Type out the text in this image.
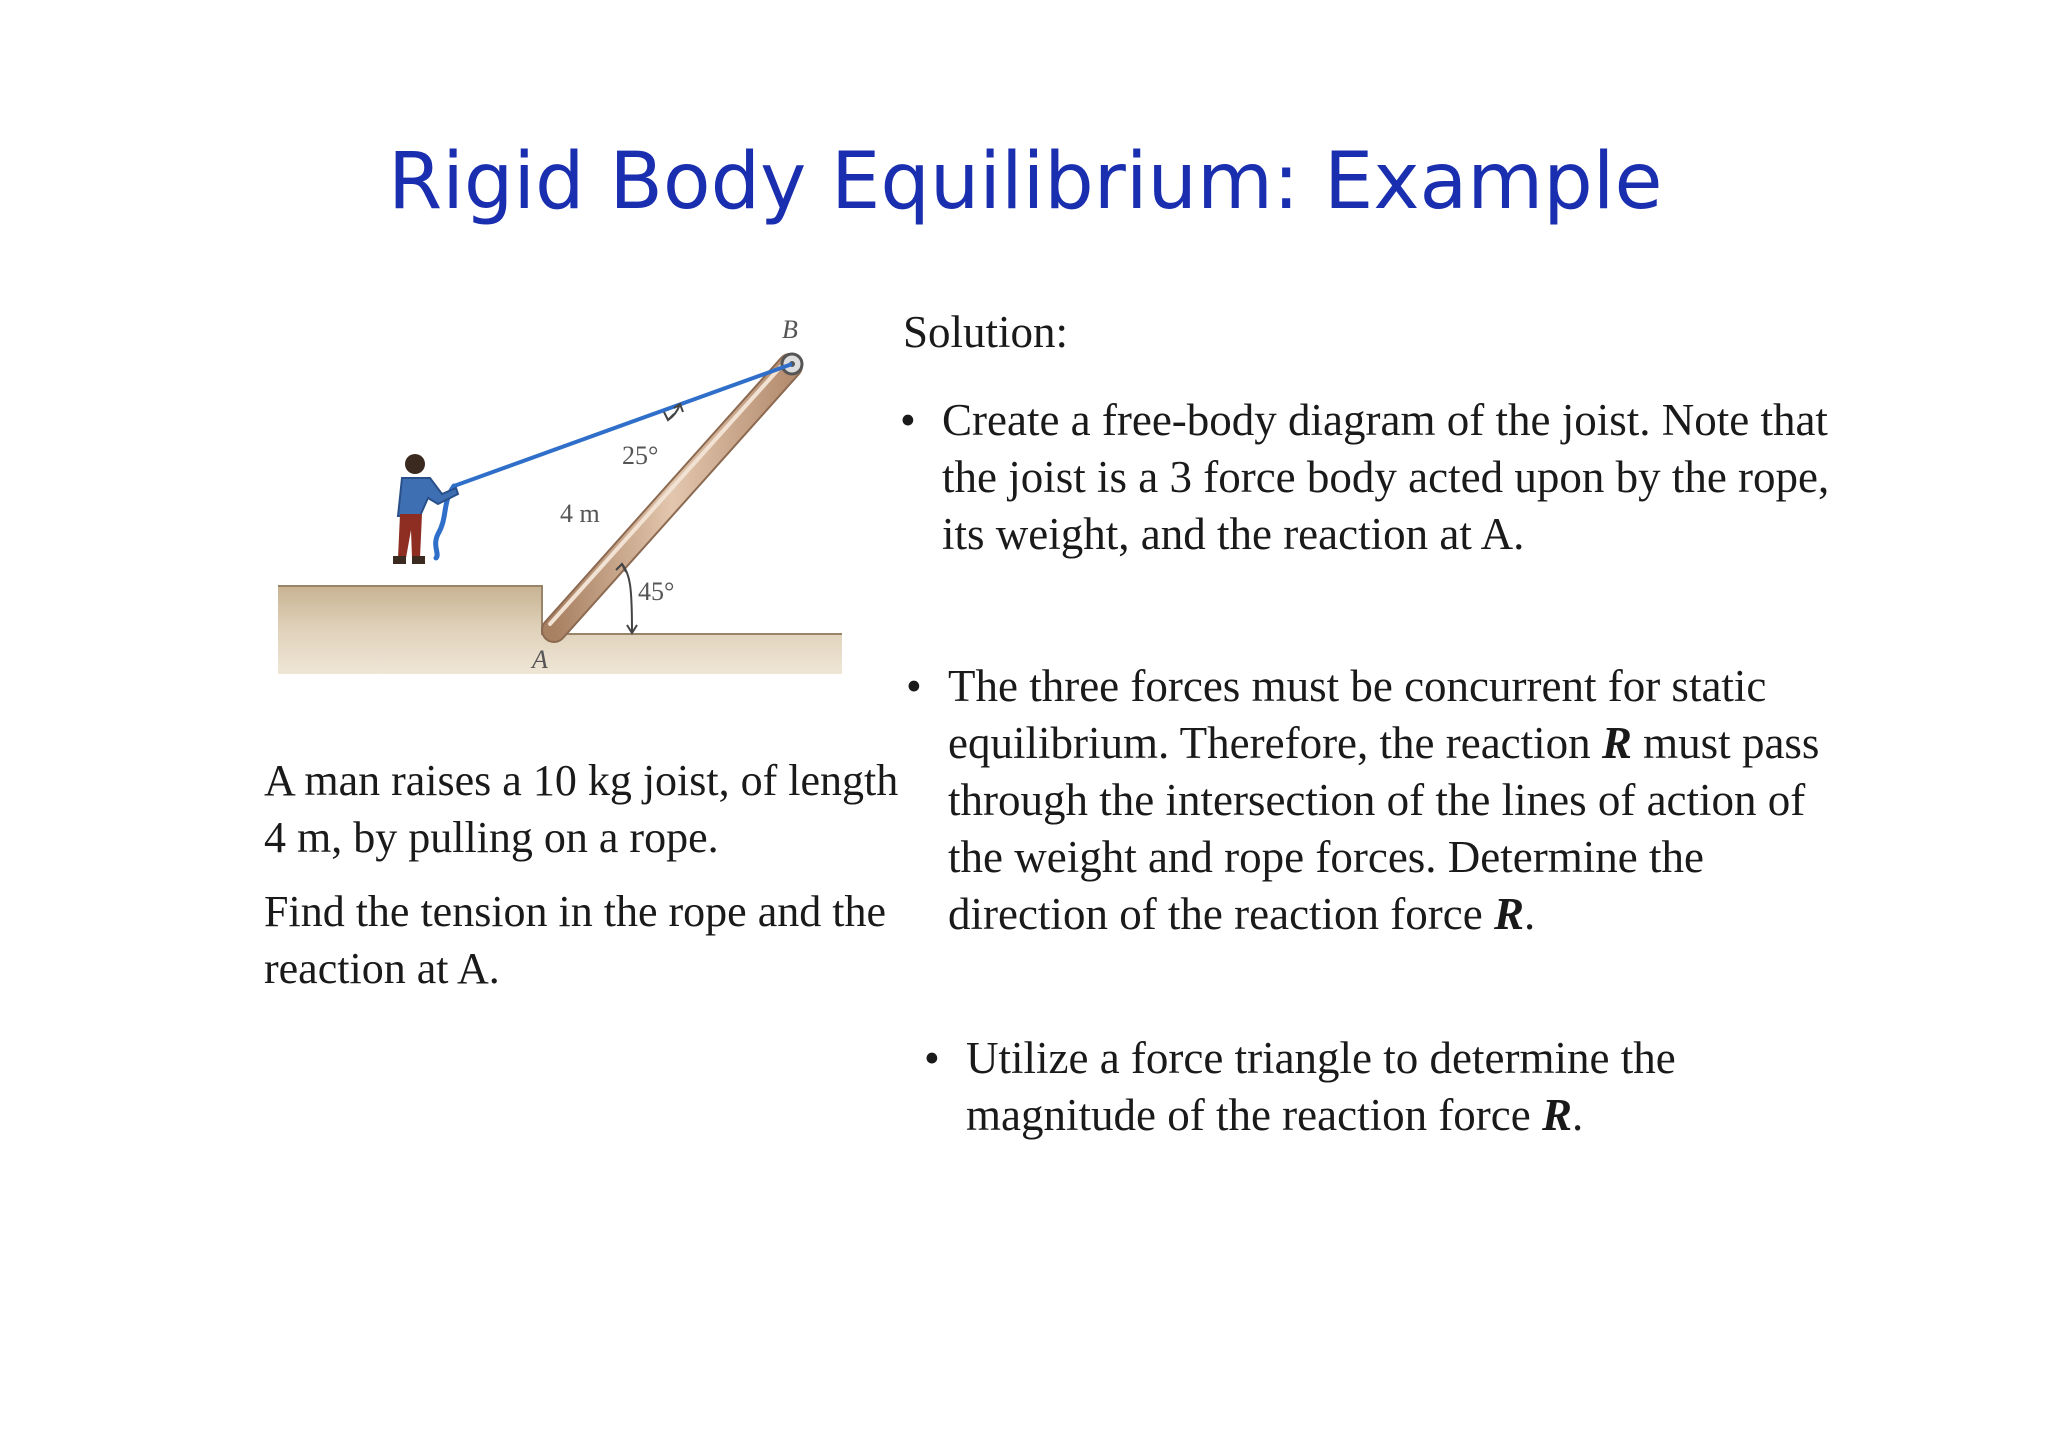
Rigid Body Equilibrium: Example
B
A
25°
45°
4 m

A man raises a 10 kg joist, of length 4 m, by pulling on a rope.

Find the tension in the rope and the reaction at A.

Solution:

• Create a free-body diagram of the joist. Note that the joist is a 3 force body acted upon by the rope, its weight, and the reaction at A.
• The three forces must be concurrent for static equilibrium. Therefore, the reaction R must pass through the intersection of the lines of action of the weight and rope forces. Determine the direction of the reaction force R.
• Utilize a force triangle to determine the magnitude of the reaction force R.
